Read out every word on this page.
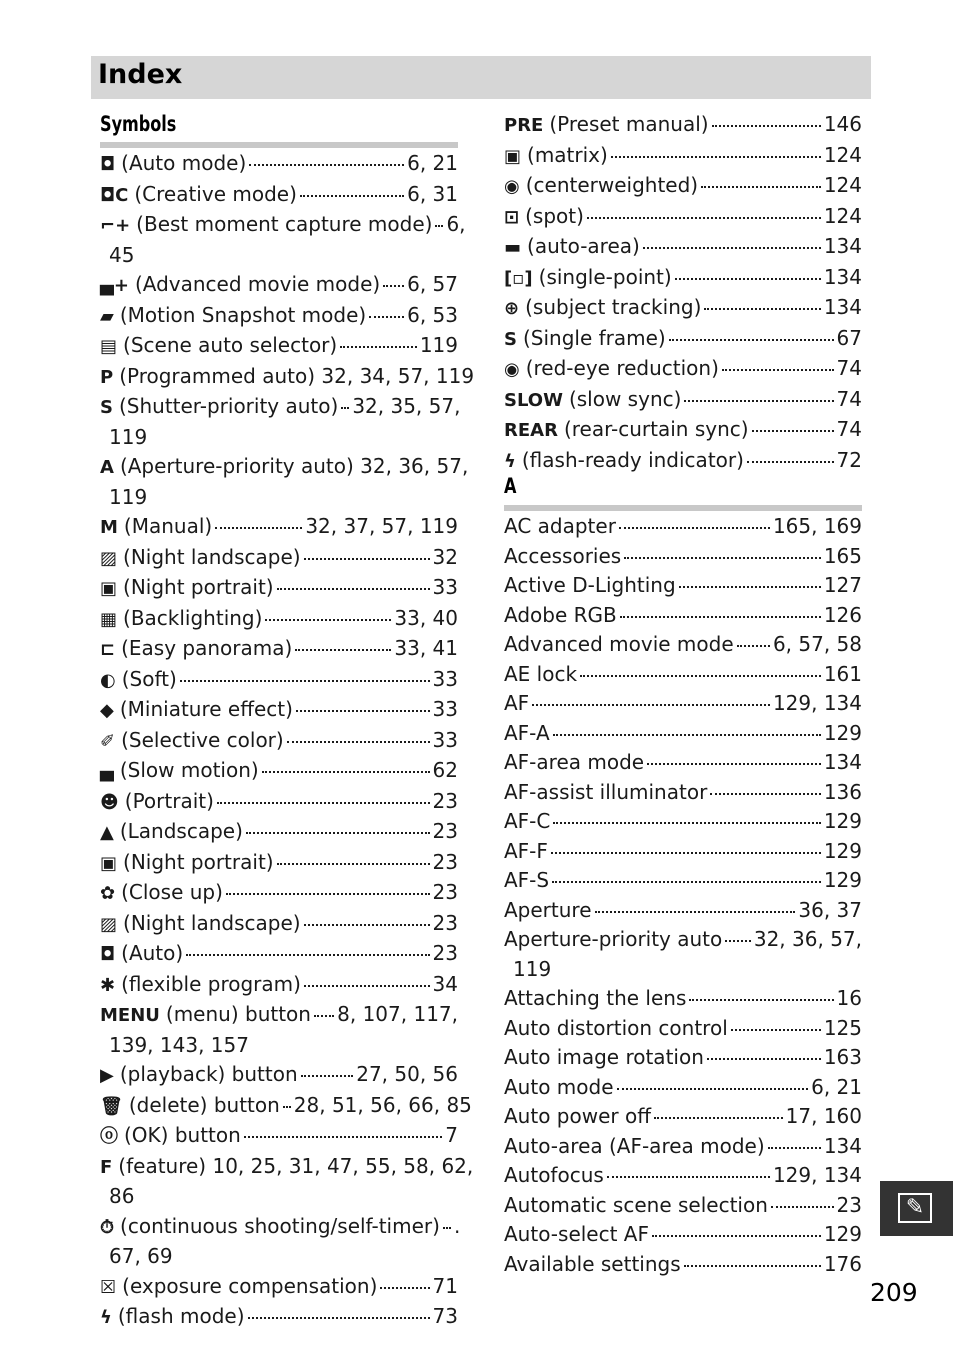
Index
Symbols
◘ (Auto mode)	6, 21
◘C (Creative mode)	6, 31
⌐+ (Best moment capture mode) 6,
45
▄+ (Advanced movie mode) 6, 57
▰ (Motion Snapshot mode) 6, 53
▤ (Scene auto selector)	119
P (Programmed auto) 32, 34, 57, 119
S (Shutter-priority auto) 32, 35, 57,
119
A (Aperture-priority auto) 32, 36, 57,
119
M (Manual)	32, 37, 57, 119
▨ (Night landscape)	32
▣ (Night portrait)	33
▦ (Backlighting)	33, 40
⊏ (Easy panorama)	33, 41
◐ (Soft)	33
◆ (Miniature effect)	33
✐ (Selective color)	33
▄ (Slow motion)	62
☻ (Portrait)	23
▲ (Landscape)	23
▣ (Night portrait)	23
✿ (Close up)	23
▨ (Night landscape)	23
◘ (Auto)	23
✱ (flexible program)	34
MENU (menu) button 8, 107, 117,
139, 143, 157
▶ (playback) button	27, 50, 56
🗑 (delete) button 28, 51, 56, 66, 85
ⓞ (OK) button	7
F (feature) 10, 25, 31, 47, 55, 58, 62,
86
⏱ (continuous shooting/self-timer) .
67, 69
☒ (exposure compensation)	71
ϟ (flash mode)	73
PRE (Preset manual)	146
▣ (matrix)	124
◉ (centerweighted)	124
⊡ (spot)	124
▬ (auto-area)	134
[▫] (single-point)	134
⊕ (subject tracking)	134
S (Single frame)	67
◉ (red-eye reduction)	74
SLOW (slow sync)	74
REAR (rear-curtain sync)	74
ϟ (flash-ready indicator)	72
A
AC adapter	165, 169
Accessories	165
Active D-Lighting	127
Adobe RGB	126
Advanced movie mode 6, 57, 58
AE lock	161
AF	129, 134
AF-A	129
AF-area mode	134
AF-assist illuminator	136
AF-C	129
AF-F	129
AF-S	129
Aperture	36, 37
Aperture-priority auto 32, 36, 57,
119
Attaching the lens	16
Auto distortion control	125
Auto image rotation	163
Auto mode	6, 21
Auto power off	17, 160
Auto-area (AF-area mode)	134
Autofocus	129, 134
Automatic scene selection	23
Auto-select AF	129
Available settings	176
✎
209
